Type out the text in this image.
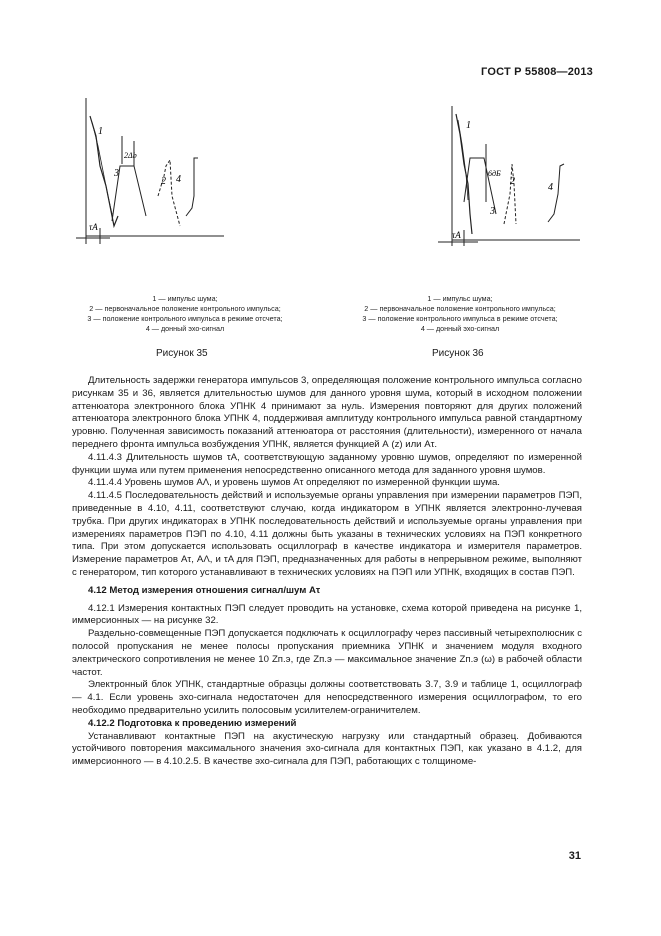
ГОСТ Р 55808—2013
1
2
3
4
2Δb
τA
1 — импульс шума;
2 — первоначальное положение контрольного импульса;
3 — положение контрольного импульса в режиме отсчета;
4 — донный эхо-сигнал
Рисунок 35
1
2
3
4
6дБ
τA
1 — импульс шума;
2 — первоначальное положение контрольного импульса;
3 — положение контрольного импульса в режиме отсчета;
4 — донный эхо-сигнал
Рисунок 36

Длительность задержки генератора импульсов 3, определяющая положение контрольного импульса согласно рисункам 35 и 36, является длительностью шумов для данного уровня шума, который в исходном положении аттенюатора электронного блока УПНК 4 принимают за нуль. Измерения повторяют для других положений аттенюатора электронного блока УПНК 4, поддерживая амплитуду контрольного импульса равной стандартному уровню. Полученная зависимость показаний аттенюатора от расстояния (длительности), измеренного от начала переднего фронта импульса возбуждения УПНК, является функцией А (z) или Аτ.

4.11.4.3 Длительность шумов τA, соответствующую заданному уровню шумов, определяют по измеренной функции шума или путем применения непосредственно описанного метода для заданного уровня шумов.

4.11.4.4 Уровень шумов AΛ, и уровень шумов Aτ определяют по измеренной функции шума.

4.11.4.5 Последовательность действий и используемые органы управления при измерении параметров ПЭП, приведенные в 4.10, 4.11, соответствуют случаю, когда индикатором в УПНК является электронно-лучевая трубка. При других индикаторах в УПНК последовательность действий и используемые органы управления при измерениях параметров ПЭП по 4.10, 4.11 должны быть указаны в технических условиях на ПЭП конкретного типа. При этом допускается использовать осциллограф в качестве индикатора и измерителя параметров. Измерение параметров Aτ, AΛ, и τA для ПЭП, предназначенных для работы в непрерывном режиме, выполняют с генератором, тип которого устанавливают в технических условиях на ПЭП или УПНК, входящих в состав ПЭП.

4.12 Метод измерения отношения сигнал/шум Aτ

4.12.1 Измерения контактных ПЭП следует проводить на установке, схема которой приведена на рисунке 1, иммерсионных — на рисунке 32.

Раздельно-совмещенные ПЭП допускается подключать к осциллографу через пассивный четырехполюсник с полосой пропускания не менее полосы пропускания приемника УПНК и значением модуля входного электрического сопротивления не менее 10 Zп.э, где Zп.э — максимальное значение Zп.э (ω) в рабочей области частот.

Электронный блок УПНК, стандартные образцы должны соответствовать 3.7, 3.9 и таблице 1, осциллограф — 4.1. Если уровень эхо-сигнала недостаточен для непосредственного измерения осциллографом, то его необходимо предварительно усилить полосовым усилителем-ограничителем.

4.12.2 Подготовка к проведению измерений

Устанавливают контактные ПЭП на акустическую нагрузку или стандартный образец. Добиваются устойчивого повторения максимального значения эхо-сигнала для контактных ПЭП, как указано в 4.1.2, для иммерсионного — в 4.10.2.5. В качестве эхо-сигнала для ПЭП, работающих с толщиноме-

31
